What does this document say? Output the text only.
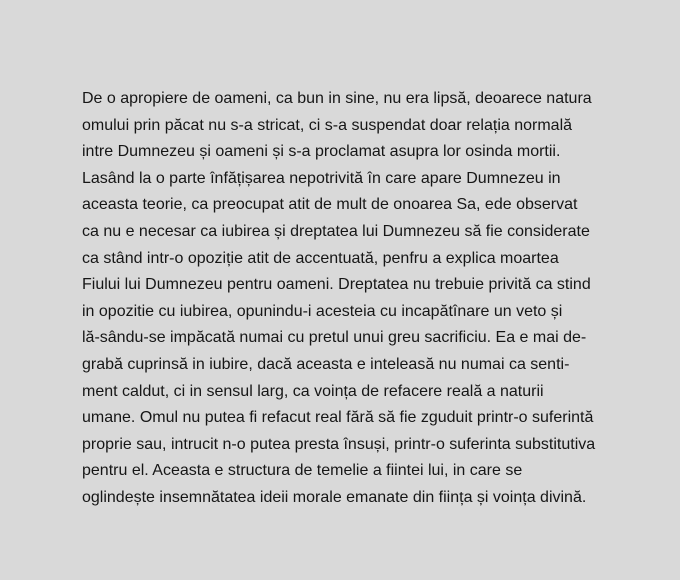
De o apropiere de oameni, ca bun in sine, nu era lipsă, deoarece natura
omului prin păcat nu s-a stricat, ci s-a suspendat doar relația normală
intre Dumnezeu și oameni și s-a proclamat asupra lor osinda mortii.
Lasând la o parte înfățișarea nepotrivită în care apare Dumnezeu in
aceasta teorie, ca preocupat atit de mult de onoarea Sa, ede observat
ca nu e necesar ca iubirea și dreptatea lui Dumnezeu să fie considerate
ca stând intr-o opoziție atit de accentuată, penfru a explica moartea
Fiului lui Dumnezeu pentru oameni. Dreptatea nu trebuie privită ca stind
in opozitie cu iubirea, opunindu-i acesteia cu incapătînare un veto și
lă-sându-se impăcată numai cu pretul unui greu sacrificiu. Ea e mai de-
grabă cuprinsă in iubire, dacă aceasta e inteleasă nu numai ca senti-
ment caldut, ci in sensul larg, ca voința de refacere reală a naturii
umane. Omul nu putea fi refacut real fără să fie zguduit printr-o suferintă
proprie sau, intrucit n-o putea presta însuși, printr-o suferinta substitutiva
pentru el. Aceasta e structura de temelie a fiintei lui, in care se
oglindește insemnătatea ideii morale emanate din ființa și voința divină.
